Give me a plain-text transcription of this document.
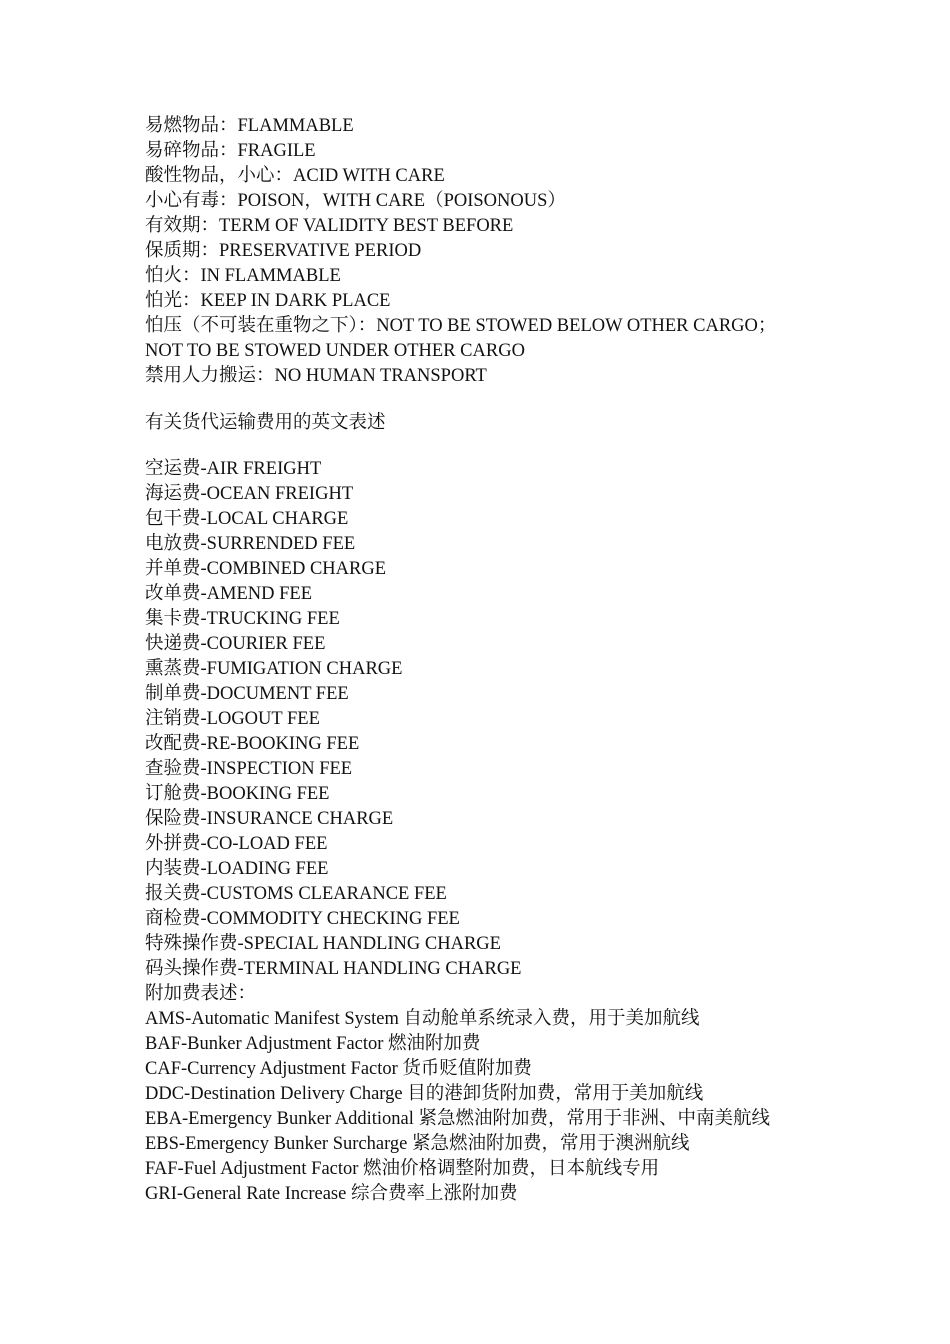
易燃物品：FLAMMABLE
易碎物品：FRAGILE
酸性物品，小心：ACID WITH CARE
小心有毒：POISON，WITH CARE（POISONOUS）
有效期：TERM OF VALIDITY BEST BEFORE
保质期：PRESERVATIVE PERIOD
怕火：IN FLAMMABLE
怕光：KEEP IN DARK PLACE
怕压（不可装在重物之下）：NOT TO BE STOWED BELOW OTHER CARGO；
NOT TO BE STOWED UNDER OTHER CARGO
禁用人力搬运：NO HUMAN TRANSPORT
有关货代运输费用的英文表述
空运费-AIR FREIGHT
海运费-OCEAN FREIGHT
包干费-LOCAL CHARGE
电放费-SURRENDED FEE
并单费-COMBINED CHARGE
改单费-AMEND FEE
集卡费-TRUCKING FEE
快递费-COURIER FEE
熏蒸费-FUMIGATION CHARGE
制单费-DOCUMENT FEE
注销费-LOGOUT FEE
改配费-RE-BOOKING FEE
查验费-INSPECTION FEE
订舱费-BOOKING FEE
保险费-INSURANCE CHARGE
外拼费-CO-LOAD FEE
内装费-LOADING FEE
报关费-CUSTOMS CLEARANCE FEE
商检费-COMMODITY CHECKING FEE
特殊操作费-SPECIAL HANDLING CHARGE
码头操作费-TERMINAL HANDLING CHARGE
附加费表述：
AMS-Automatic Manifest System 自动舱单系统录入费，用于美加航线
BAF-Bunker Adjustment Factor 燃油附加费
CAF-Currency Adjustment Factor 货币贬值附加费
DDC-Destination Delivery Charge 目的港卸货附加费，常用于美加航线
EBA-Emergency Bunker Additional 紧急燃油附加费，常用于非洲、中南美航线
EBS-Emergency Bunker Surcharge 紧急燃油附加费，常用于澳洲航线
FAF-Fuel Adjustment Factor 燃油价格调整附加费，日本航线专用
GRI-General Rate Increase 综合费率上涨附加费
